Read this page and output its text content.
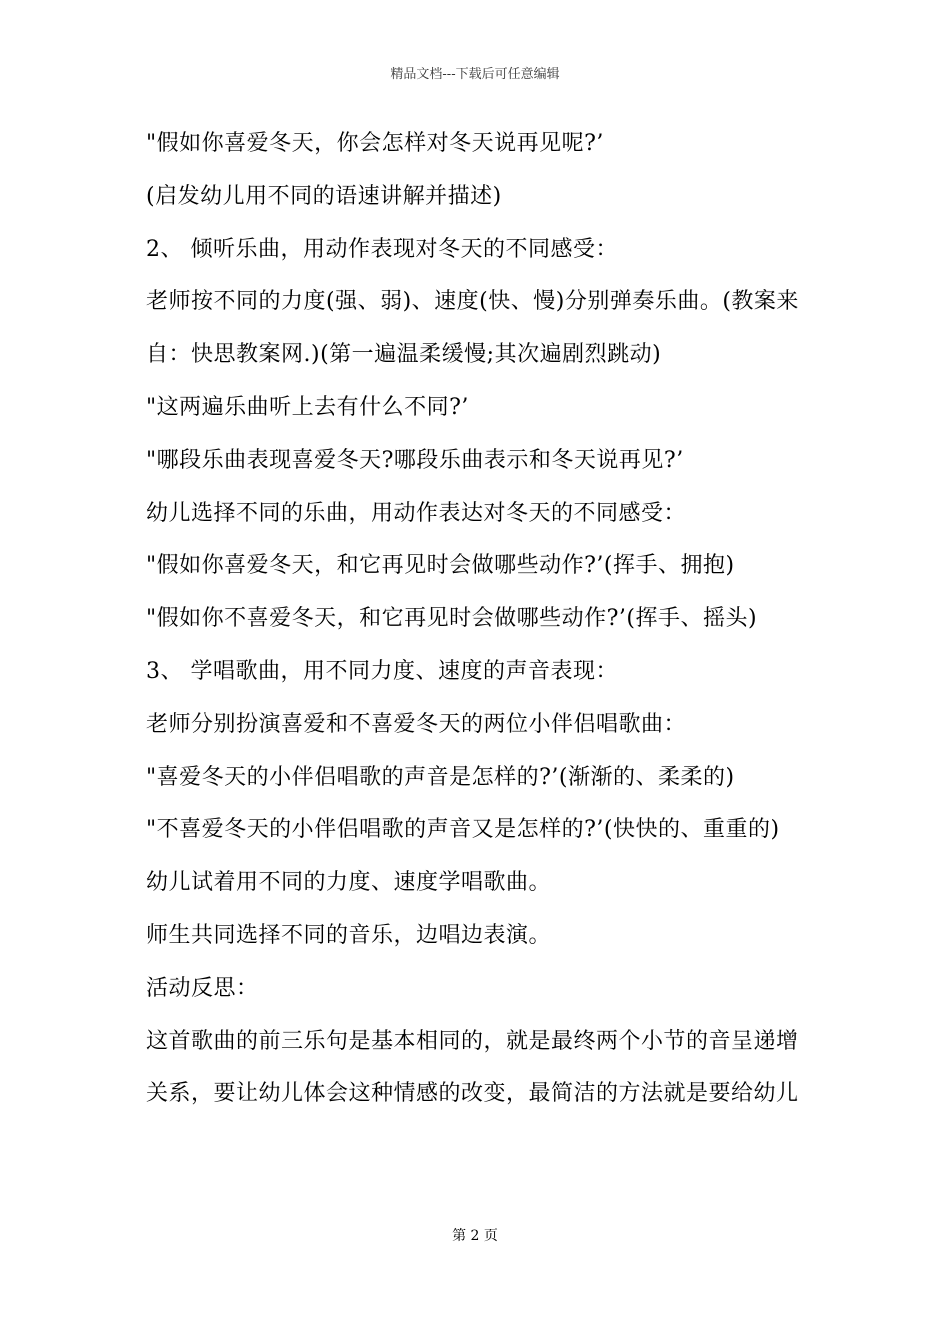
精品文档---下载后可任意编辑
"假如你喜爱冬天，你会怎样对冬天说再见呢?’
(启发幼儿用不同的语速讲解并描述)
2、 倾听乐曲，用动作表现对冬天的不同感受：
老师按不同的力度(强、弱)、速度(快、慢)分别弹奏乐曲。(教案来
自：快思教案网.)(第一遍温柔缓慢;其次遍剧烈跳动)
"这两遍乐曲听上去有什么不同?’
"哪段乐曲表现喜爱冬天?哪段乐曲表示和冬天说再见?’
幼儿选择不同的乐曲，用动作表达对冬天的不同感受：
"假如你喜爱冬天，和它再见时会做哪些动作?’(挥手、拥抱)
"假如你不喜爱冬天，和它再见时会做哪些动作?’(挥手、摇头)
3、 学唱歌曲，用不同力度、速度的声音表现：
老师分别扮演喜爱和不喜爱冬天的两位小伴侣唱歌曲：
"喜爱冬天的小伴侣唱歌的声音是怎样的?’(渐渐的、柔柔的)
"不喜爱冬天的小伴侣唱歌的声音又是怎样的?’(快快的、重重的)
幼儿试着用不同的力度、速度学唱歌曲。
师生共同选择不同的音乐，边唱边表演。
活动反思：
这首歌曲的前三乐句是基本相同的，就是最终两个小节的音呈递增
关系，要让幼儿体会这种情感的改变，最简洁的方法就是要给幼儿
第 2 页
